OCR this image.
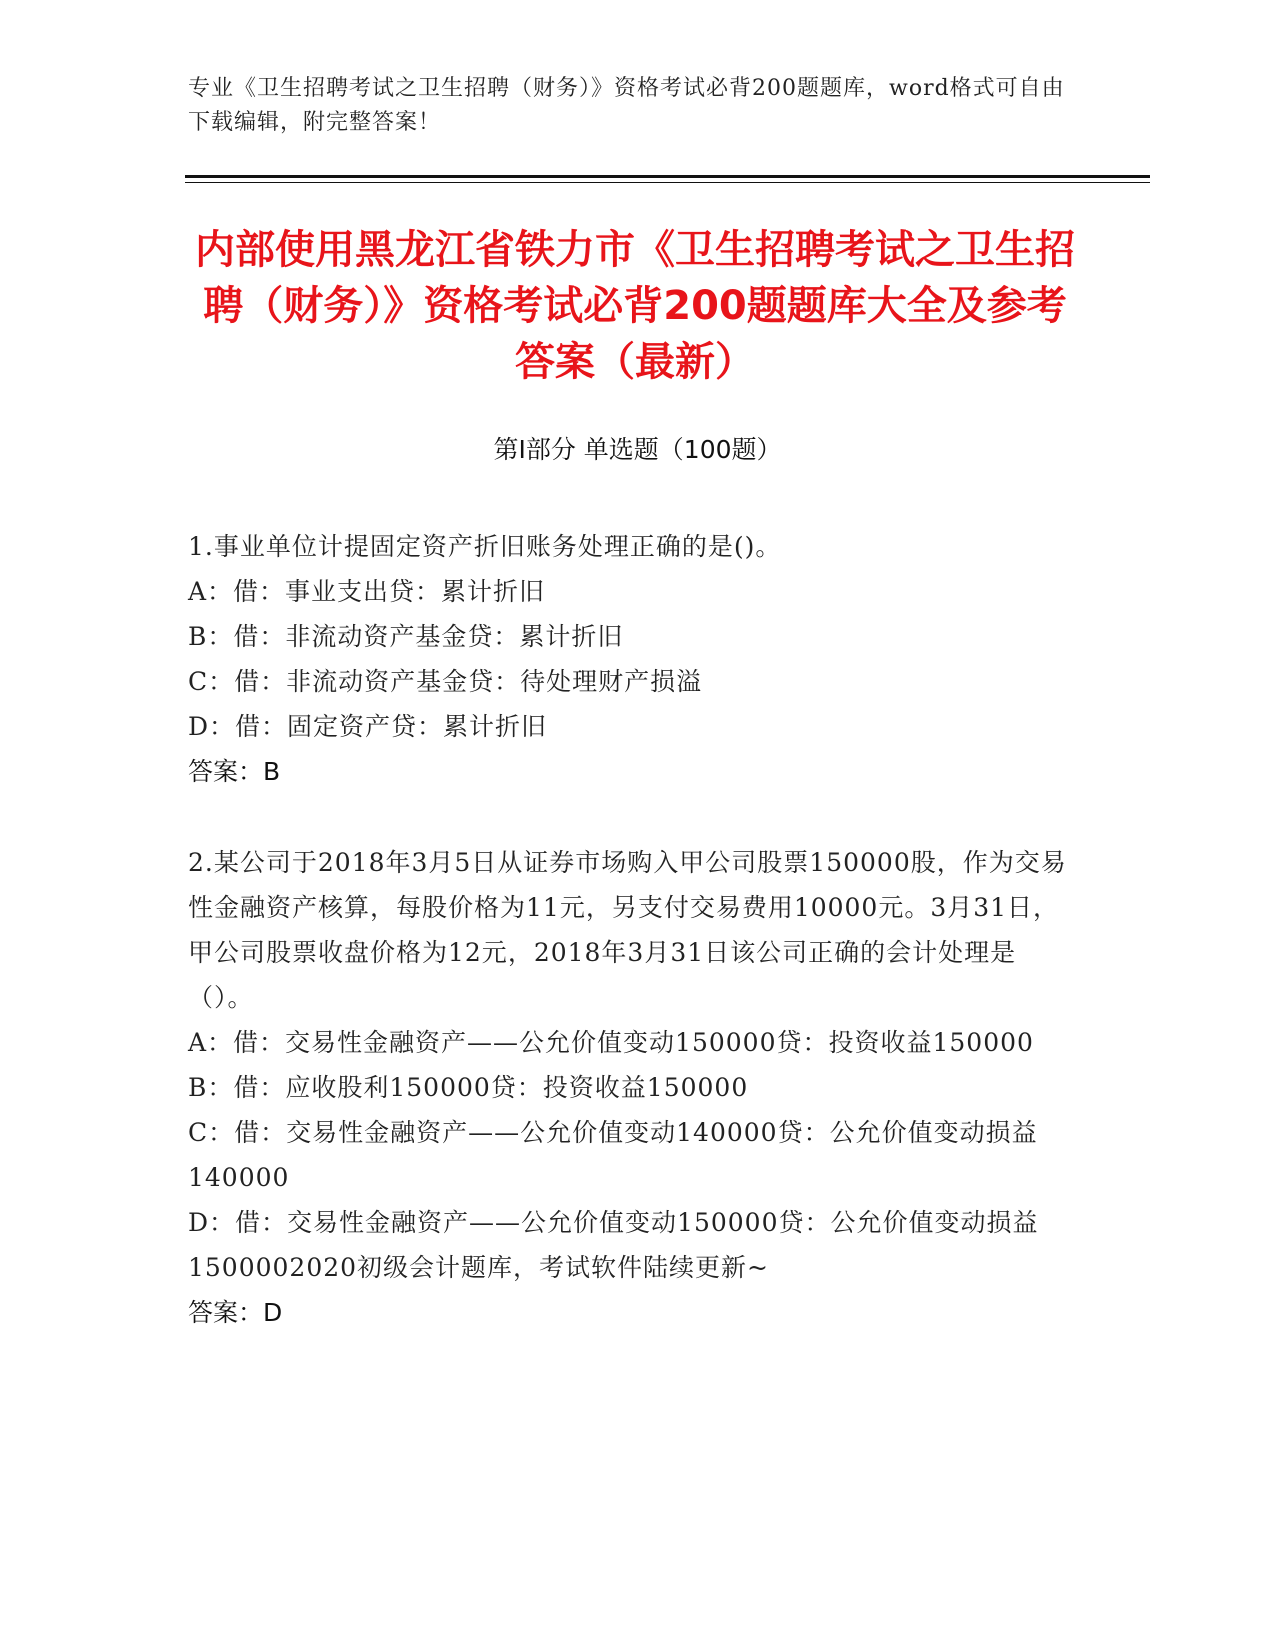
专业《卫生招聘考试之卫生招聘（财务）》资格考试必背200题题库，word格式可自由下载编辑，附完整答案！
内部使用黑龙江省铁力市《卫生招聘考试之卫生招聘（财务）》资格考试必背200题题库大全及参考答案（最新）
第Ⅰ部分 单选题（100题）
1.事业单位计提固定资产折旧账务处理正确的是()。
A：借：事业支出贷：累计折旧
B：借：非流动资产基金贷：累计折旧
C：借：非流动资产基金贷：待处理财产损溢
D：借：固定资产贷：累计折旧
答案：B
2.某公司于2018年3月5日从证券市场购入甲公司股票150000股，作为交易性金融资产核算，每股价格为11元，另支付交易费用10000元。3月31日，甲公司股票收盘价格为12元，2018年3月31日该公司正确的会计处理是（）。
A：借：交易性金融资产——公允价值变动150000贷：投资收益150000
B：借：应收股利150000贷：投资收益150000
C：借：交易性金融资产——公允价值变动140000贷：公允价值变动损益140000
D：借：交易性金融资产——公允价值变动150000贷：公允价值变动损益1500002020初级会计题库，考试软件陆续更新~
答案：D
